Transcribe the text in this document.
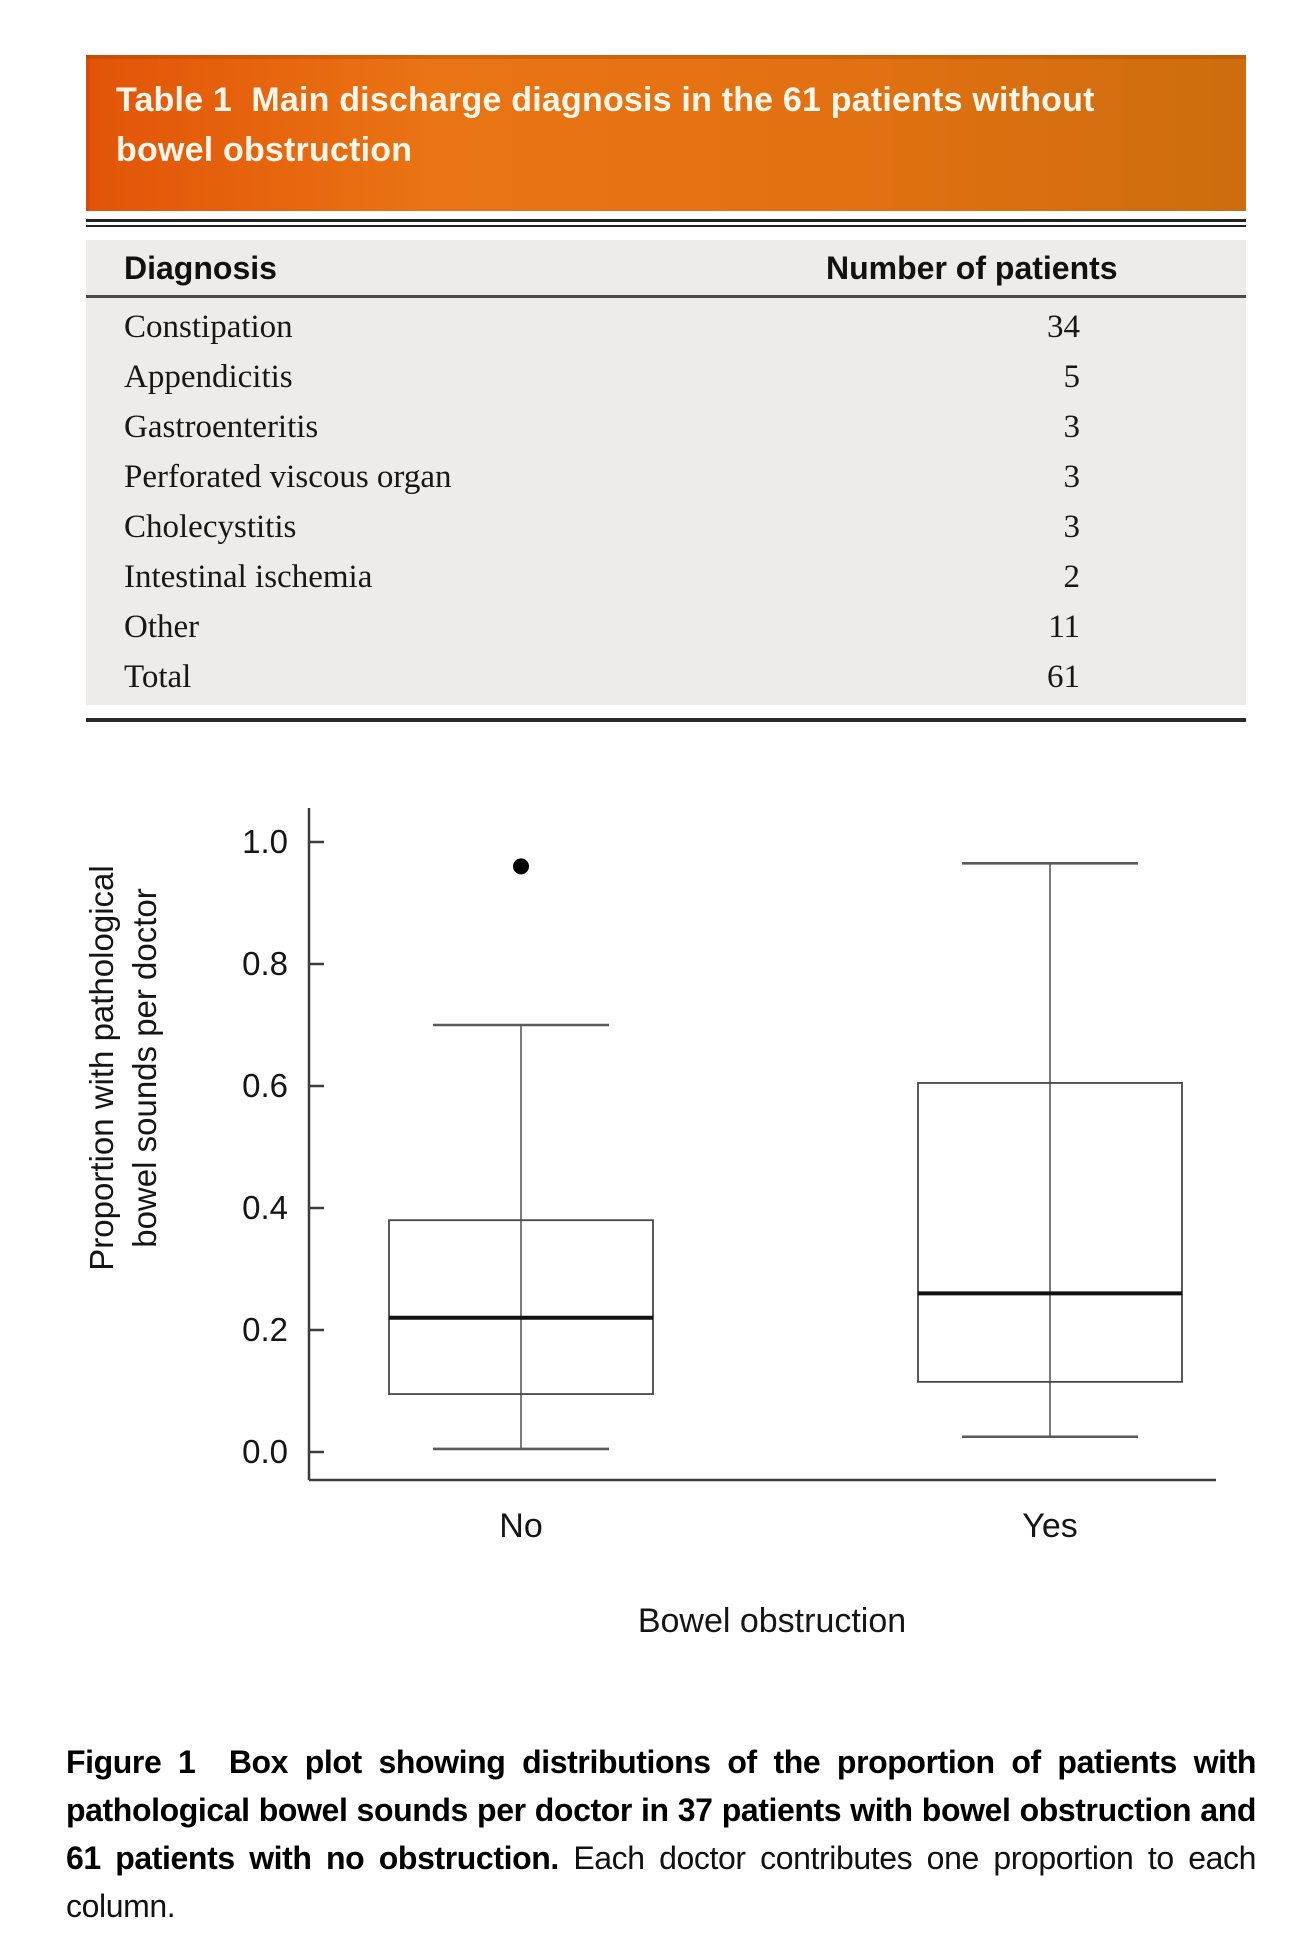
Table 1  Main discharge diagnosis in the 61 patients without
bowel obstruction
Diagnosis	Number of patients
Constipation	34
Appendicitis	5
Gastroenteritis	3
Perforated viscous organ	3
Cholecystitis	3
Intestinal ischemia	2
Other	11
Total	61
1.0
0.8
0.6
0.4
0.2
0.0
No	Yes
Bowel obstruction
Proportion with pathological bowel sounds per doctor

Figure 1  Box plot showing distributions of the proportion of patients with pathological bowel sounds per doctor in 37 patients with bowel obstruction and 61 patients with no obstruction. Each doctor contributes one proportion to each column.
